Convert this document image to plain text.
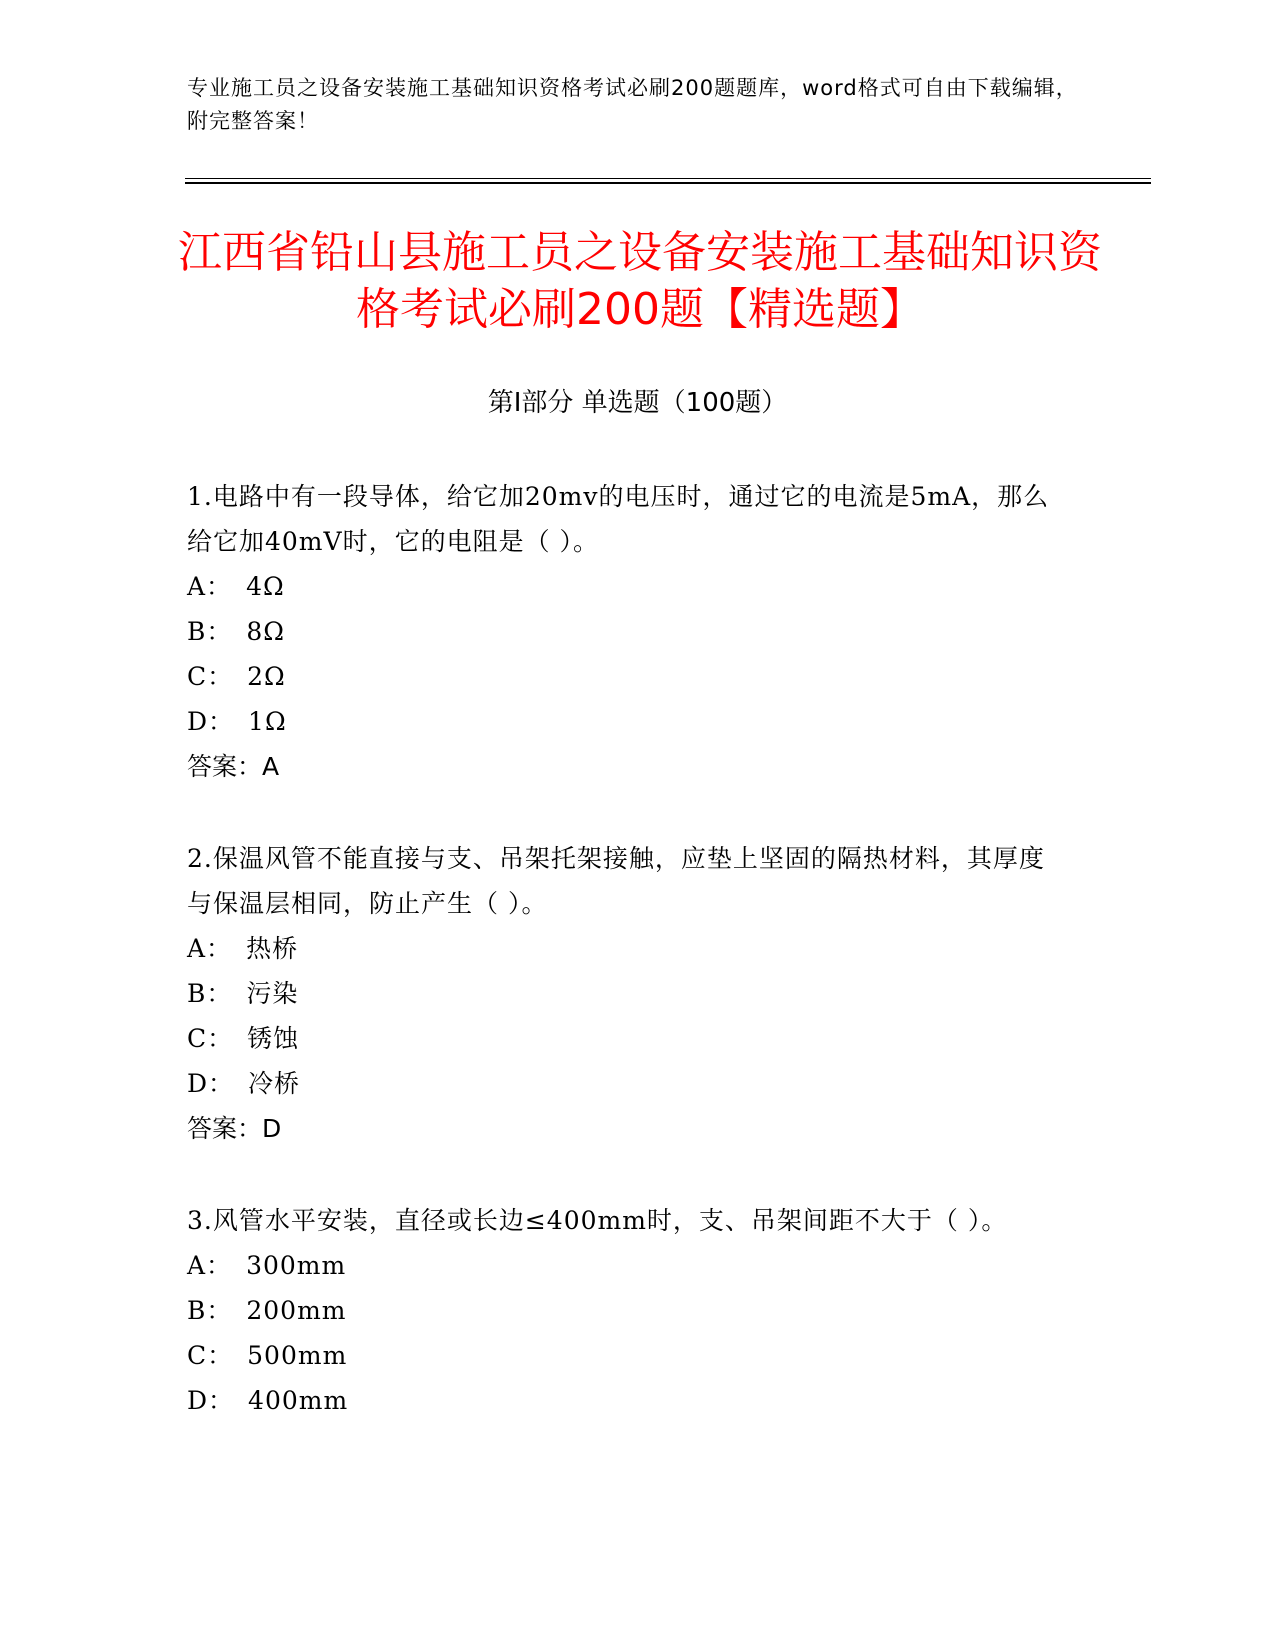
专业施工员之设备安装施工基础知识资格考试必刷200题题库，word格式可自由下载编辑，附完整答案！
江西省铅山县施工员之设备安装施工基础知识资格考试必刷200题【精选题】
第I部分 单选题（100题）
1.电路中有一段导体，给它加20mv的电压时，通过它的电流是5mA，那么给它加40mV时，它的电阻是（ ）。
A： 4Ω
B： 8Ω
C： 2Ω
D： 1Ω
答案：A
2.保温风管不能直接与支、吊架托架接触，应垫上坚固的隔热材料，其厚度与保温层相同，防止产生（ ）。
A： 热桥
B： 污染
C： 锈蚀
D： 冷桥
答案：D
3.风管水平安装，直径或长边≤400mm时，支、吊架间距不大于（ ）。
A： 300mm
B： 200mm
C： 500mm
D： 400mm
